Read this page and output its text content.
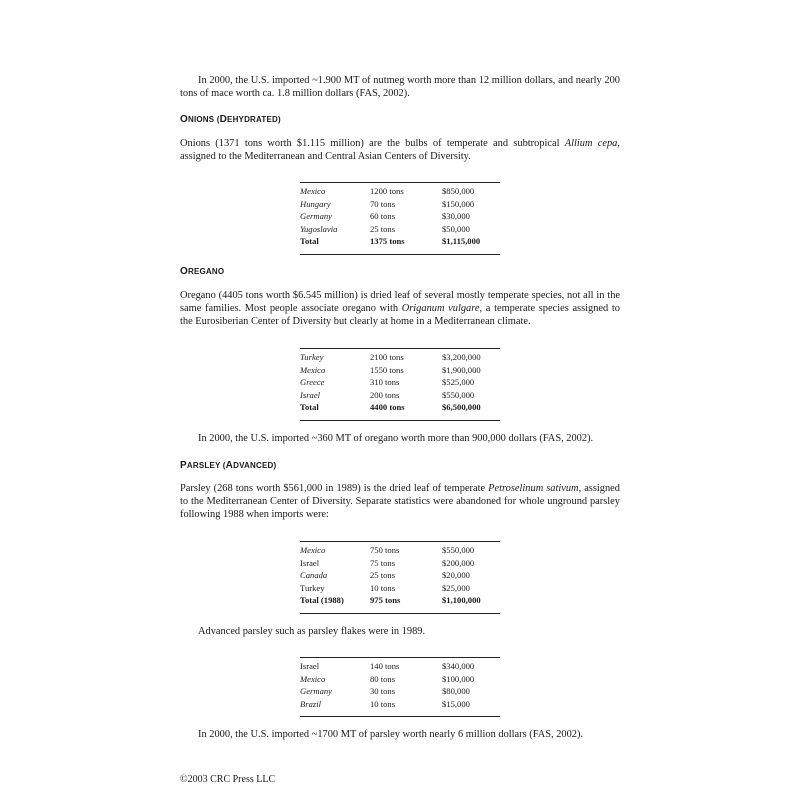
In 2000, the U.S. imported ~1.900 MT of nutmeg worth more than 12 million dollars, and nearly 200 tons of mace worth ca. 1.8 million dollars (FAS, 2002).

ONIONS (DEHYDRATED)

Onions (1371 tons worth $1.115 million) are the bulbs of temperate and subtropical Allium cepa, assigned to the Mediterranean and Central Asian Centers of Diversity.

Mexico	1200 tons	$850,000
Hungary	70 tons	$150,000
Germany	60 tons	$30,000
Yugoslavia	25 tons	$50,000
Total	1375 tons	$1,115,000

OREGANO

Oregano (4405 tons worth $6.545 million) is dried leaf of several mostly temperate species, not all in the same families. Most people associate oregano with Origanum vulgare, a temperate species assigned to the Eurosiberian Center of Diversity but clearly at home in a Mediterranean climate.

Turkey	2100 tons	$3,200,000
Mexico	1550 tons	$1,900,000
Greece	310 tons	$525,000
Israel	200 tons	$550,000
Total	4400 tons	$6,500,000

In 2000, the U.S. imported ~360 MT of oregano worth more than 900,000 dollars (FAS, 2002).

PARSLEY (ADVANCED)

Parsley (268 tons worth $561,000 in 1989) is the dried leaf of temperate Petroselinum sativum, assigned to the Mediterranean Center of Diversity. Separate statistics were abandoned for whole unground parsley following 1988 when imports were:

Mexico	750 tons	$550,000
Israel	75 tons	$200,000
Canada	25 tons	$20,000
Turkey	10 tons	$25,000
Total (1988)	975 tons	$1,100,000

Advanced parsley such as parsley flakes were in 1989.

Israel	140 tons	$340,000
Mexico	80 tons	$100,000
Germany	30 tons	$80,000
Brazil	10 tons	$15,000

In 2000, the U.S. imported ~1700 MT of parsley worth nearly 6 million dollars (FAS, 2002).

©2003 CRC Press LLC
